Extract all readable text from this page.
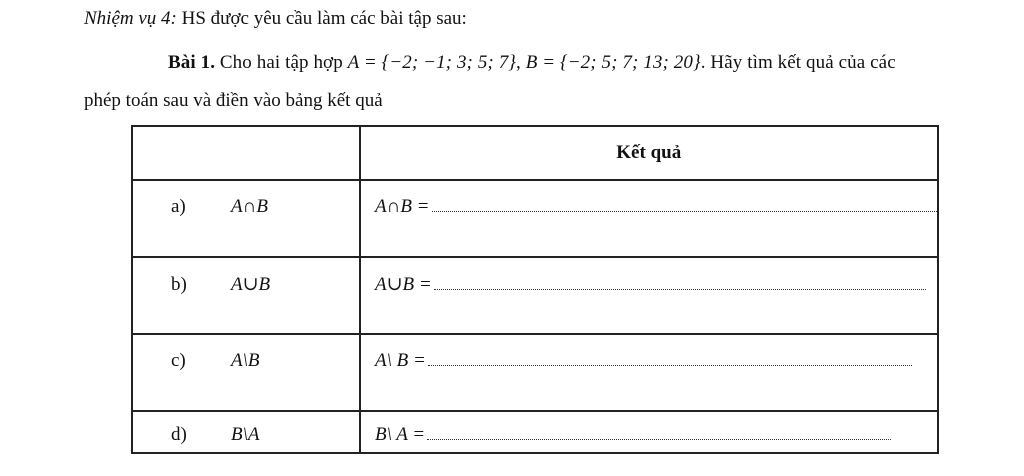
Nhiệm vụ 4: HS được yêu cầu làm các bài tập sau:
Bài 1. Cho hai tập hợp A = {−2; −1; 3; 5; 7}, B = {−2; 5; 7; 13; 20}. Hãy tìm kết quả của các
phép toán sau và điền vào bảng kết quả
	Kết quả

a) A∩B	A∩B =

b) A∪B	A∪B =

c) A\B	A\ B =

d) B\A	B\ A =
